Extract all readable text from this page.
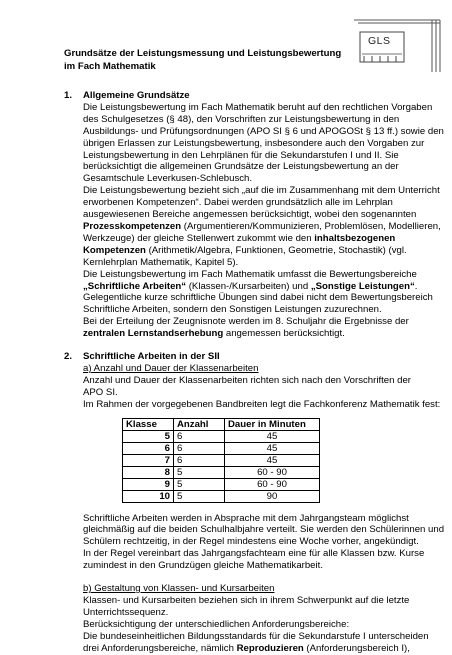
Grundsätze der Leistungsmessung und Leistungsbewertung
im Fach Mathematik
GLS
1. Allgemeine Grundsätze
Die Leistungsbewertung im Fach Mathematik beruht auf den rechtlichen Vorgaben
des Schulgesetzes (§ 48), den Vorschriften zur Leistungsbewertung in den
Ausbildungs- und Prüfungsordnungen (APO SI § 6 und APOGOSt § 13 ff.) sowie den
übrigen Erlassen zur Leistungsbewertung, insbesondere auch den Vorgaben zur
Leistungsbewertung in den Lehrplänen für die Sekundarstufen I und II. Sie
berücksichtigt die allgemeinen Grundsätze der Leistungsbewertung an der
Gesamtschule Leverkusen-Schlebusch.
Die Leistungsbewertung bezieht sich „auf die im Zusammenhang mit dem Unterricht
erworbenen Kompetenzen“. Dabei werden grundsätzlich alle im Lehrplan
ausgewiesenen Bereiche angemessen berücksichtigt, wobei den sogenannten
Prozesskompetenzen (Argumentieren/Kommunizieren, Problemlösen, Modellieren,
Werkzeuge) der gleiche Stellenwert zukommt wie den inhaltsbezogenen
Kompetenzen (Arithmetik/Algebra, Funktionen, Geometrie, Stochastik) (vgl.
Kernlehrplan Mathematik, Kapitel 5).
Die Leistungsbewertung im Fach Mathematik umfasst die Bewertungsbereiche
„Schriftliche Arbeiten“ (Klassen-/Kursarbeiten) und „Sonstige Leistungen“.
Gelegentliche kurze schriftliche Übungen sind dabei nicht dem Bewertungsbereich
Schriftliche Arbeiten, sondern den Sonstigen Leistungen zuzurechnen.
Bei der Erteilung der Zeugnisnote werden im 8. Schuljahr die Ergebnisse der
zentralen Lernstandserhebung angemessen berücksichtigt.
2. Schriftliche Arbeiten in der SII
a) Anzahl und Dauer der Klassenarbeiten
Anzahl und Dauer der Klassenarbeiten richten sich nach den Vorschriften der
APO SI.
Im Rahmen der vorgegebenen Bandbreiten legt die Fachkonferenz Mathematik fest:
Klasse	Anzahl	Dauer in Minuten
5	6	45
6	6	45
7	6	45
8	5	60 - 90
9	5	60 - 90
10	5	90
Schriftliche Arbeiten werden in Absprache mit dem Jahrgangsteam möglichst
gleichmäßig auf die beiden Schulhalbjahre verteilt. Sie werden den Schülerinnen und
Schülern rechtzeitig, in der Regel mindestens eine Woche vorher, angekündigt.
In der Regel vereinbart das Jahrgangsfachteam eine für alle Klassen bzw. Kurse
zumindest in den Grundzügen gleiche Mathematikarbeit.
b) Gestaltung von Klassen- und Kursarbeiten
Klassen- und Kursarbeiten beziehen sich in ihrem Schwerpunkt auf die letzte
Unterrichtssequenz.
Berücksichtigung der unterschiedlichen Anforderungsbereiche:
Die bundeseinheitlichen Bildungsstandards für die Sekundarstufe I unterscheiden
drei Anforderungsbereiche, nämlich Reproduzieren (Anforderungsbereich I),
